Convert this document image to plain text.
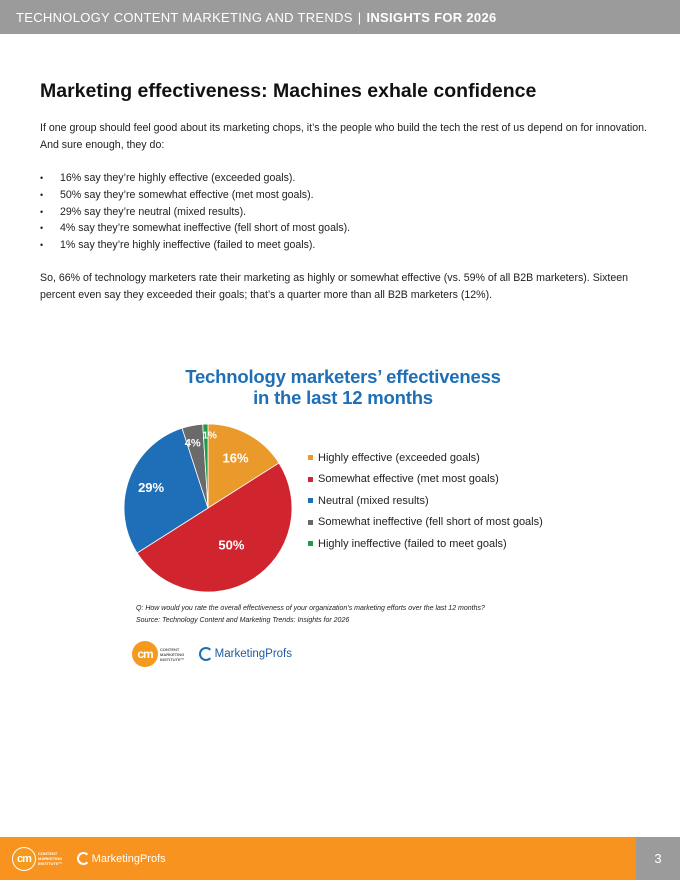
TECHNOLOGY CONTENT MARKETING AND TRENDS | INSIGHTS FOR 2026
Marketing effectiveness: Machines exhale confidence

If one group should feel good about its marketing chops, it’s the people who build the tech the rest of us depend on for innovation. And sure enough, they do:

• 16% say they’re highly effective (exceeded goals).
• 50% say they’re somewhat effective (met most goals).
• 29% say they’re neutral (mixed results).
• 4% say they’re somewhat ineffective (fell short of most goals).
• 1% say they’re highly ineffective (failed to meet goals).

So, 66% of technology marketers rate their marketing as highly or somewhat effective (vs. 59% of all B2B marketers). Sixteen percent even say they exceeded their goals; that’s a quarter more than all B2B marketers (12%).

Technology marketers’ effectiveness
in the last 12 months
16%
50%
29%
4%
1%
Highly effective (exceeded goals)
Somewhat effective (met most goals)
Neutral (mixed results)
Somewhat ineffective (fell short of most goals)
Highly ineffective (failed to meet goals)

Q: How would you rate the overall effectiveness of your organization’s marketing efforts over the last 12 months?

Source: Technology Content and Marketing Trends: Insights for 2026

cm	CONTENT
MARKETING
INSTITUTE™	MarketingProfs
cm	CONTENT
MARKETING
INSTITUTE™	MarketingProfs	3
